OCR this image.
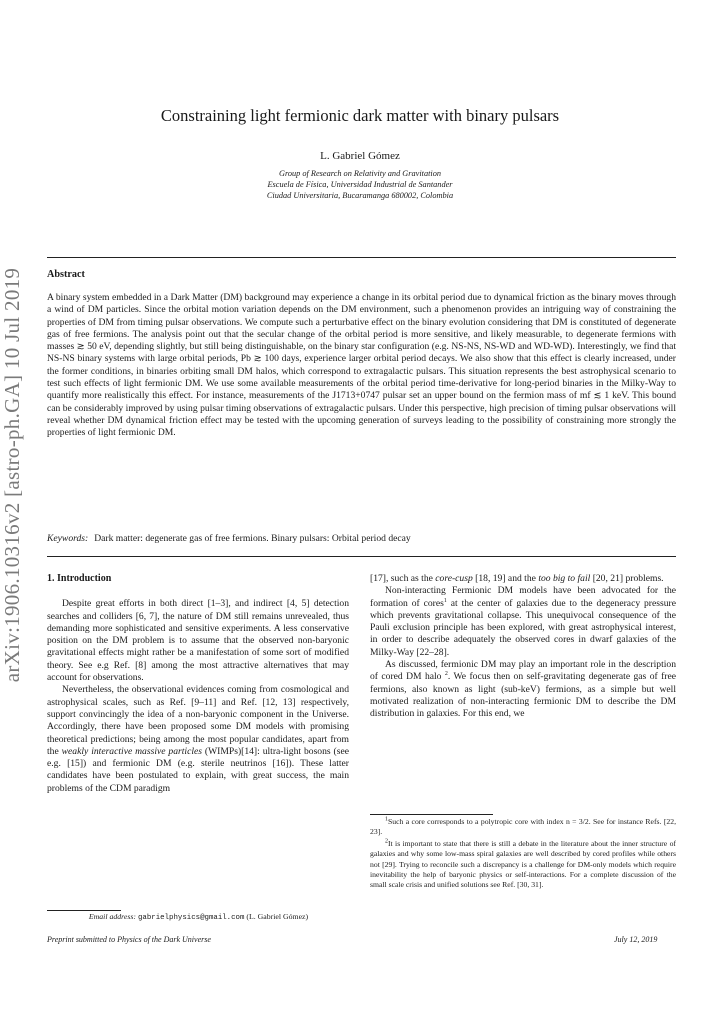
arXiv:1906.10316v2 [astro-ph.GA] 10 Jul 2019
Constraining light fermionic dark matter with binary pulsars
L. Gabriel Gómez
Group of Research on Relativity and Gravitation
Escuela de Física, Universidad Industrial de Santander
Ciudad Universitaria, Bucaramanga 680002, Colombia
Abstract
A binary system embedded in a Dark Matter (DM) background may experience a change in its orbital period due to dynamical friction as the binary moves through a wind of DM particles. Since the orbital motion variation depends on the DM environment, such a phenomenon provides an intriguing way of constraining the properties of DM from timing pulsar observations. We compute such a perturbative effect on the binary evolution considering that DM is constituted of degenerate gas of free fermions. The analysis point out that the secular change of the orbital period is more sensitive, and likely measurable, to degenerate fermions with masses ≳ 50 eV, depending slightly, but still being distinguishable, on the binary star configuration (e.g. NS-NS, NS-WD and WD-WD). Interestingly, we find that NS-NS binary systems with large orbital periods, Pb ≳ 100 days, experience larger orbital period decays. We also show that this effect is clearly increased, under the former conditions, in binaries orbiting small DM halos, which correspond to extragalactic pulsars. This situation represents the best astrophysical scenario to test such effects of light fermionic DM. We use some available measurements of the orbital period time-derivative for long-period binaries in the Milky-Way to quantify more realistically this effect. For instance, measurements of the J1713+0747 pulsar set an upper bound on the fermion mass of mf ≲ 1 keV. This bound can be considerably improved by using pulsar timing observations of extragalactic pulsars. Under this perspective, high precision of timing pulsar observations will reveal whether DM dynamical friction effect may be tested with the upcoming generation of surveys leading to the possibility of constraining more strongly the properties of light fermionic DM.
Keywords: Dark matter: degenerate gas of free fermions. Binary pulsars: Orbital period decay
1. Introduction

Despite great efforts in both direct [1–3], and indirect [4, 5] detection searches and colliders [6, 7], the nature of DM still remains unrevealed, thus demanding more sophisticated and sensitive experiments. A less conservative position on the DM problem is to assume that the observed non-baryonic gravitational effects might rather be a manifestation of some sort of modified theory. See e.g Ref. [8] among the most attractive alternatives that may account for observations.

Nevertheless, the observational evidences coming from cosmological and astrophysical scales, such as Ref. [9–11] and Ref. [12, 13] respectively, support convincingly the idea of a non-baryonic component in the Universe. Accordingly, there have been proposed some DM models with promising theoretical predictions; being among the most popular candidates, apart from the weakly interactive massive particles (WIMPs)[14]: ultra-light bosons (see e.g. [15]) and fermionic DM (e.g. sterile neutrinos [16]). These latter candidates have been postulated to explain, with great success, the main problems of the CDM paradigm

[17], such as the core-cusp [18, 19] and the too big to fail [20, 21] problems.

Non-interacting Fermionic DM models have been advocated for the formation of cores$^1$ at the center of galaxies due to the degeneracy pressure which prevents gravitational collapse. This unequivocal consequence of the Pauli exclusion principle has been explored, with great astrophysical interest, in order to describe adequately the observed cores in dwarf galaxies of the Milky-Way [22–28].

As discussed, fermionic DM may play an important role in the description of cored DM halo $^2$. We focus then on self-gravitating degenerate gas of free fermions, also known as light (sub-keV) fermions, as a simple but well motivated realization of non-interacting fermionic DM to describe the DM distribution in galaxies. For this end, we

$^1$Such a core corresponds to a polytropic core with index n = 3/2. See for instance Refs. [22, 23].

$^2$It is important to state that there is still a debate in the literature about the inner structure of galaxies and why some low-mass spiral galaxies are well described by cored profiles while others not [29]. Trying to reconcile such a discrepancy is a challenge for DM-only models which require inevitability the help of baryonic physics or self-interactions. For a complete discussion of the small scale crisis and unified solutions see Ref. [30, 31].

Email address: gabrielphysics@gmail.com (L. Gabriel Gómez)
Preprint submitted to Physics of the Dark Universe	July 12, 2019
